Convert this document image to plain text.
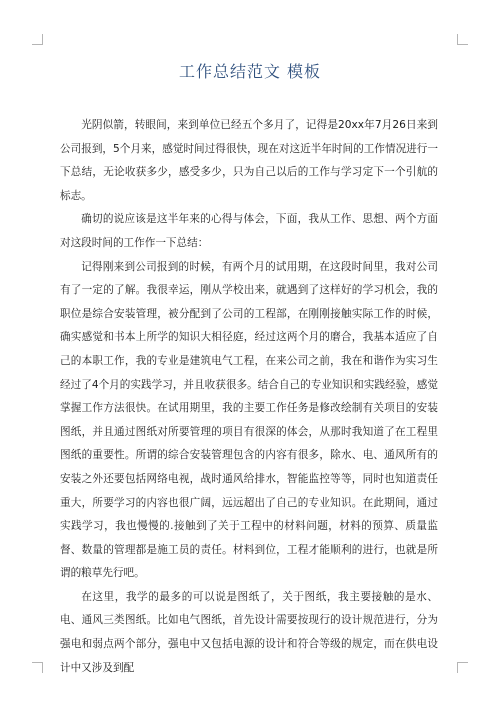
工作总结范文 模板

光阴似箭，转眼间，来到单位已经五个多月了，记得是20xx年7月26日来到公司报到，5个月来，感觉时间过得很快，现在对这近半年时间的工作情况进行一下总结，无论收获多少，感受多少，只为自己以后的工作与学习定下一个引航的标志。

确切的说应该是这半年来的心得与体会，下面，我从工作、思想、两个方面对这段时间的工作作一下总结：

记得刚来到公司报到的时候，有两个月的试用期，在这段时间里，我对公司有了一定的了解。我很幸运，刚从学校出来，就遇到了这样好的学习机会，我的职位是综合安装管理，被分配到了公司的工程部，在刚刚接触实际工作的时候，确实感觉和书本上所学的知识大相径庭，经过这两个月的磨合，我基本适应了自己的本职工作，我的专业是建筑电气工程，在来公司之前，我在和谐作为实习生经过了4个月的实践学习，并且收获很多。结合自己的专业知识和实践经验，感觉掌握工作方法很快。在试用期里，我的主要工作任务是修改绘制有关项目的安装图纸，并且通过图纸对所要管理的项目有很深的体会，从那时我知道了在工程里图纸的重要性。所谓的综合安装管理包含的内容有很多，除水、电、通风所有的安装之外还要包括网络电视，战时通风给排水，智能监控等等，同时也知道责任重大，所要学习的内容也很广阔，远远超出了自己的专业知识。在此期间，通过实践学习，我也慢慢的.接触到了关于工程中的材料问题，材料的预算、质量监督、数量的管理都是施工员的责任。材料到位，工程才能顺利的进行，也就是所谓的粮草先行吧。

在这里，我学的最多的可以说是图纸了，关于图纸，我主要接触的是水、电、通风三类图纸。比如电气图纸，首先设计需要按现行的设计规范进行，分为强电和弱点两个部分，强电中又包括电源的设计和符合等级的规定，而在供电设计中又涉及到配
